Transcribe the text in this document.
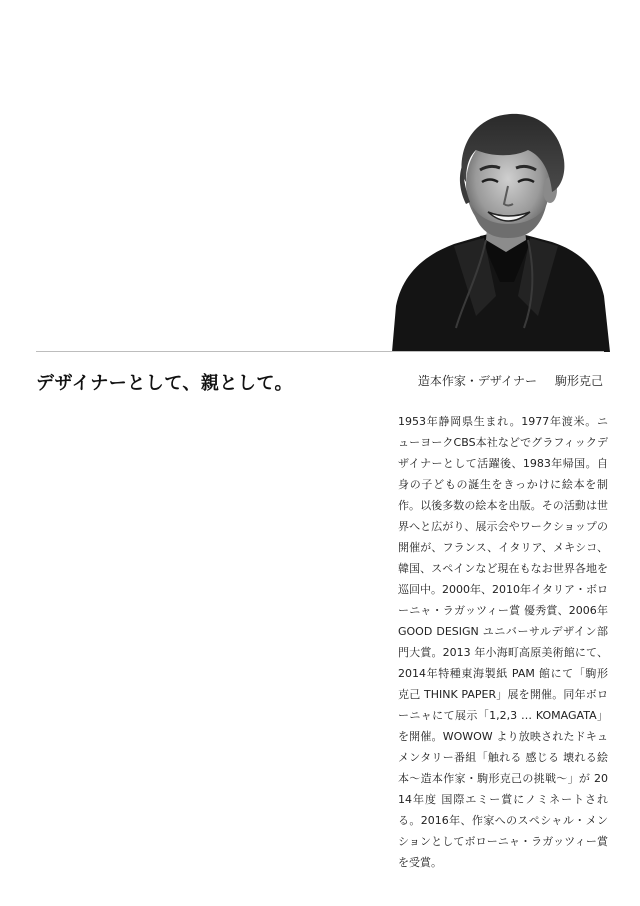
デザイナーとして、親として。	造本作家・デザイナー 駒形克己

1953年静岡県生まれ。1977年渡米。ニューヨークCBS本社などでグラフィックデザイナーとして活躍後、1983年帰国。自身の子どもの誕生をきっかけに絵本を制作。以後多数の絵本を出版。その活動は世界へと広がり、展示会やワークショップの開催が、フランス、イタリア、メキシコ、韓国、スペインなど現在もなお世界各地を巡回中。2000年、2010年イタリア・ボローニャ・ラガッツィー賞 優秀賞、2006年GOOD DESIGN ユニバーサルデザイン部門大賞。2013 年小海町高原美術館にて、2014年特種東海製紙 PAM 館にて「駒形克己 THINK PAPER」展を開催。同年ボローニャにて展示「1,2,3 … KOMAGATA」を開催。WOWOW より放映されたドキュメンタリー番組「触れる 感じる 壊れる絵本〜造本作家・駒形克己の挑戦〜」が 2014年度 国際エミー賞にノミネートされる。2016年、作家へのスペシャル・メンションとしてボローニャ・ラガッツィー賞を受賞。
